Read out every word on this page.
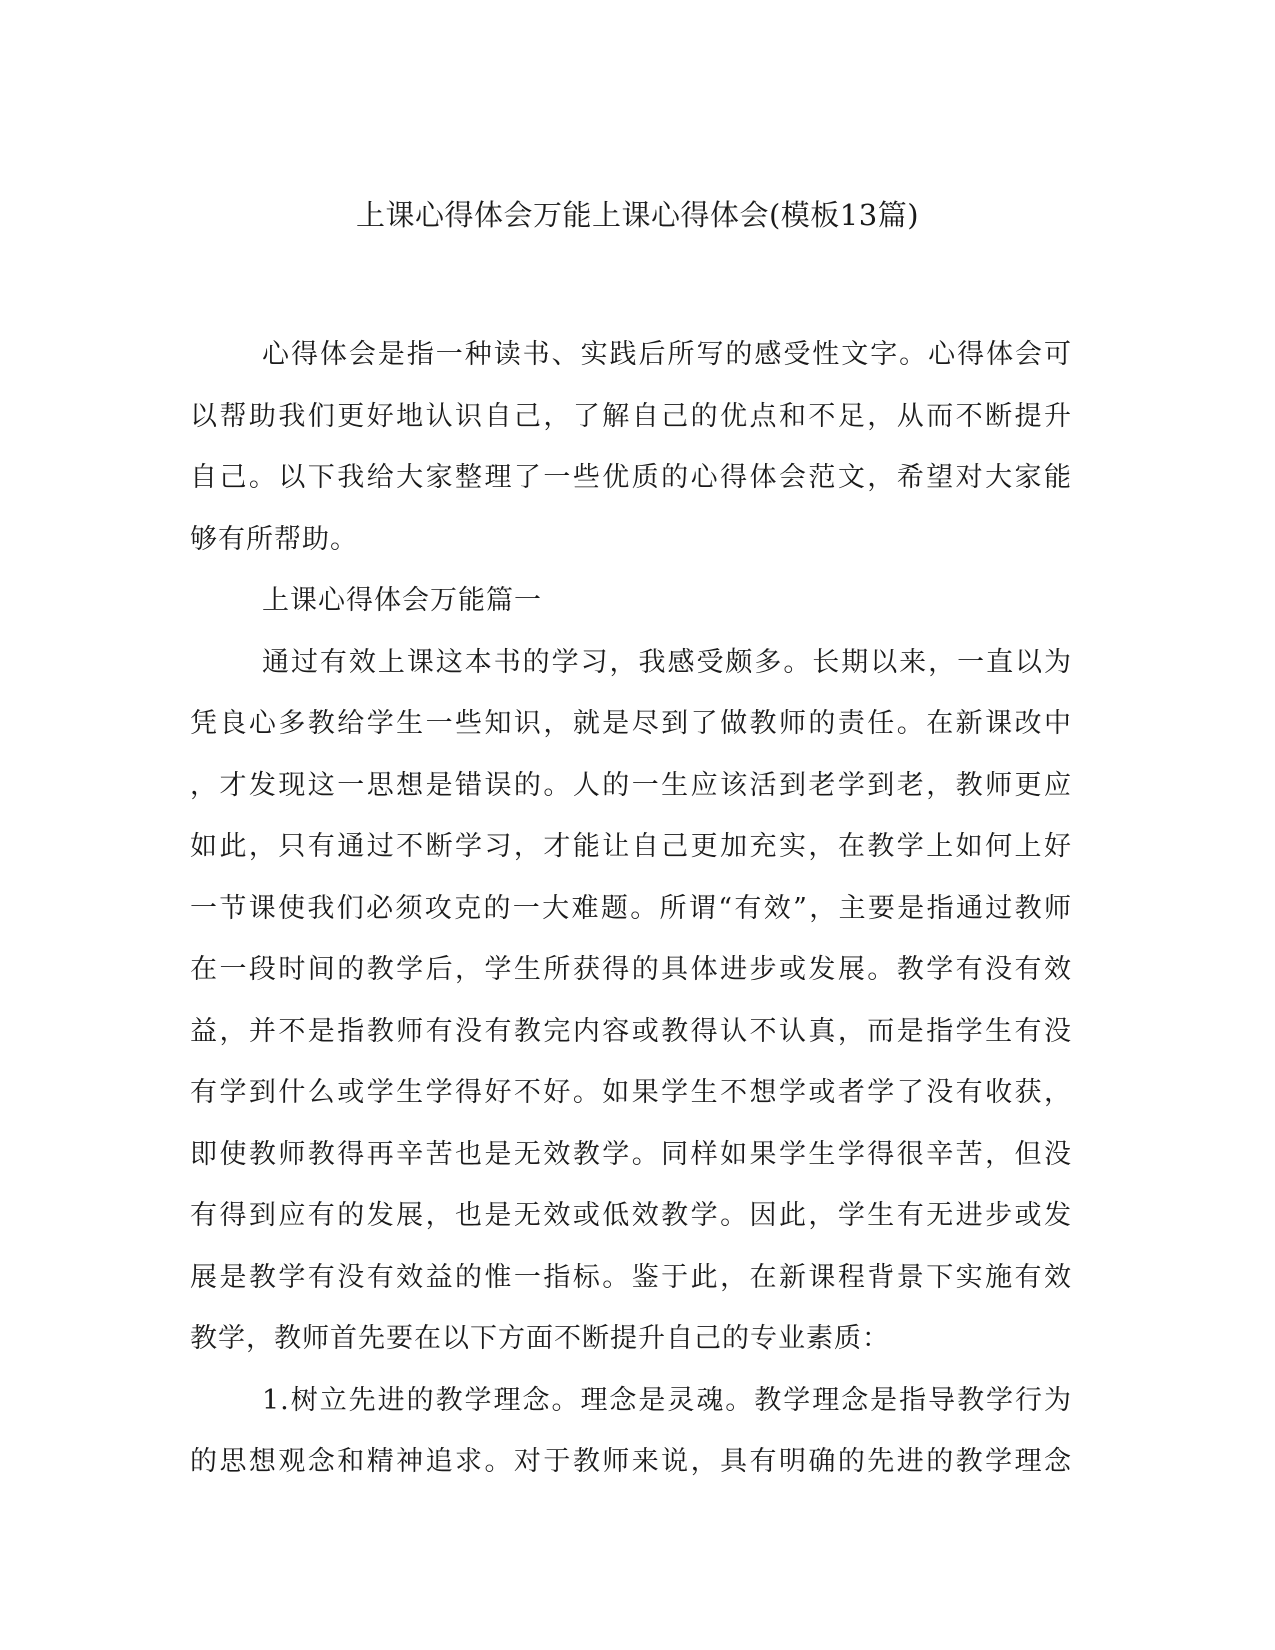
上课心得体会万能上课心得体会(模板13篇)
心得体会是指一种读书、实践后所写的感受性文字。心得体会可
以帮助我们更好地认识自己，了解自己的优点和不足，从而不断提升
自己。以下我给大家整理了一些优质的心得体会范文，希望对大家能
够有所帮助。
上课心得体会万能篇一
通过有效上课这本书的学习，我感受颇多。长期以来，一直以为
凭良心多教给学生一些知识，就是尽到了做教师的责任。在新课改中
，才发现这一思想是错误的。人的一生应该活到老学到老，教师更应
如此，只有通过不断学习，才能让自己更加充实，在教学上如何上好
一节课使我们必须攻克的一大难题。所谓“有效”，主要是指通过教师
在一段时间的教学后，学生所获得的具体进步或发展。教学有没有效
益，并不是指教师有没有教完内容或教得认不认真，而是指学生有没
有学到什么或学生学得好不好。如果学生不想学或者学了没有收获，
即使教师教得再辛苦也是无效教学。同样如果学生学得很辛苦，但没
有得到应有的发展，也是无效或低效教学。因此，学生有无进步或发
展是教学有没有效益的惟一指标。鉴于此，在新课程背景下实施有效
教学，教师首先要在以下方面不断提升自己的专业素质：
1.树立先进的教学理念。理念是灵魂。教学理念是指导教学行为
的思想观念和精神追求。对于教师来说，具有明确的先进的教学理念
